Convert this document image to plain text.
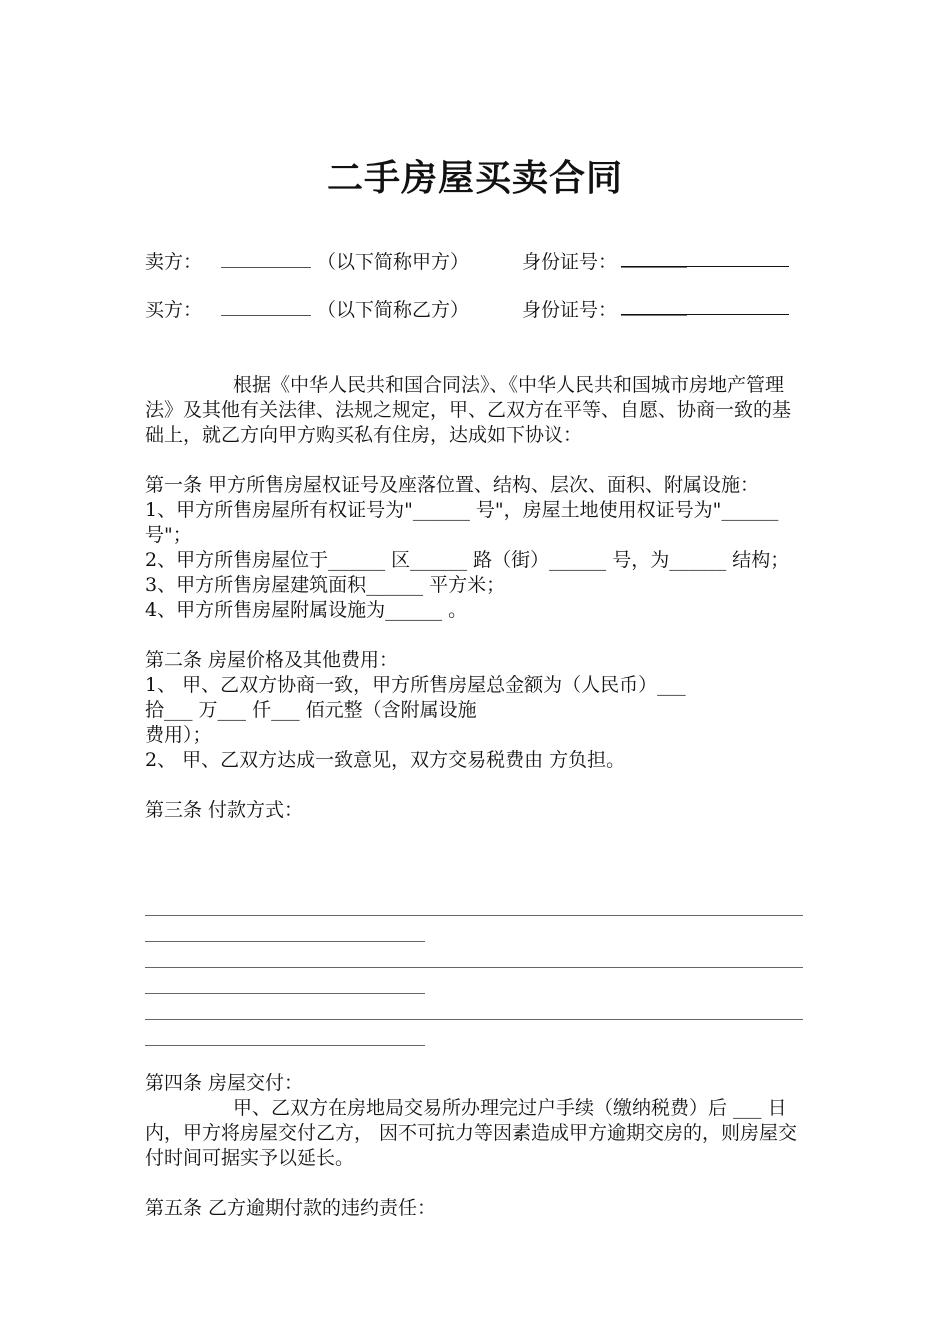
二手房屋买卖合同
卖方：	（以下简称甲方）	身份证号：
买方：	（以下简称乙方）	身份证号：

根据《中华人民共和国合同法》、《中华人民共和国城市房地产管理法》及其他有关法律、法规之规定，甲、乙双方在平等、自愿、协商一致的基础上，就乙方向甲方购买私有住房，达成如下协议：

第一条 甲方所售房屋权证号及座落位置、结构、层次、面积、附属设施：

1、甲方所售房屋所有权证号为"______ 号"，房屋土地使用权证号为"______ 号"；

2、甲方所售房屋位于______ 区______ 路（街）______ 号，为______ 结构；

3、甲方所售房屋建筑面积______ 平方米；

4、甲方所售房屋附属设施为______ 。

第二条 房屋价格及其他费用：

1、 甲、乙双方协商一致，甲方所售房屋总金额为（人民币）___

拾___ 万___ 仟___ 佰元整（含附属设施

费用）；

2、 甲、乙双方达成一致意见，双方交易税费由 方负担。

第三条 付款方式：

第四条 房屋交付：

甲、乙双方在房地局交易所办理完过户手续（缴纳税费）后 ___ 日内，甲方将房屋交付乙方， 因不可抗力等因素造成甲方逾期交房的，则房屋交付时间可据实予以延长。

第五条 乙方逾期付款的违约责任：
